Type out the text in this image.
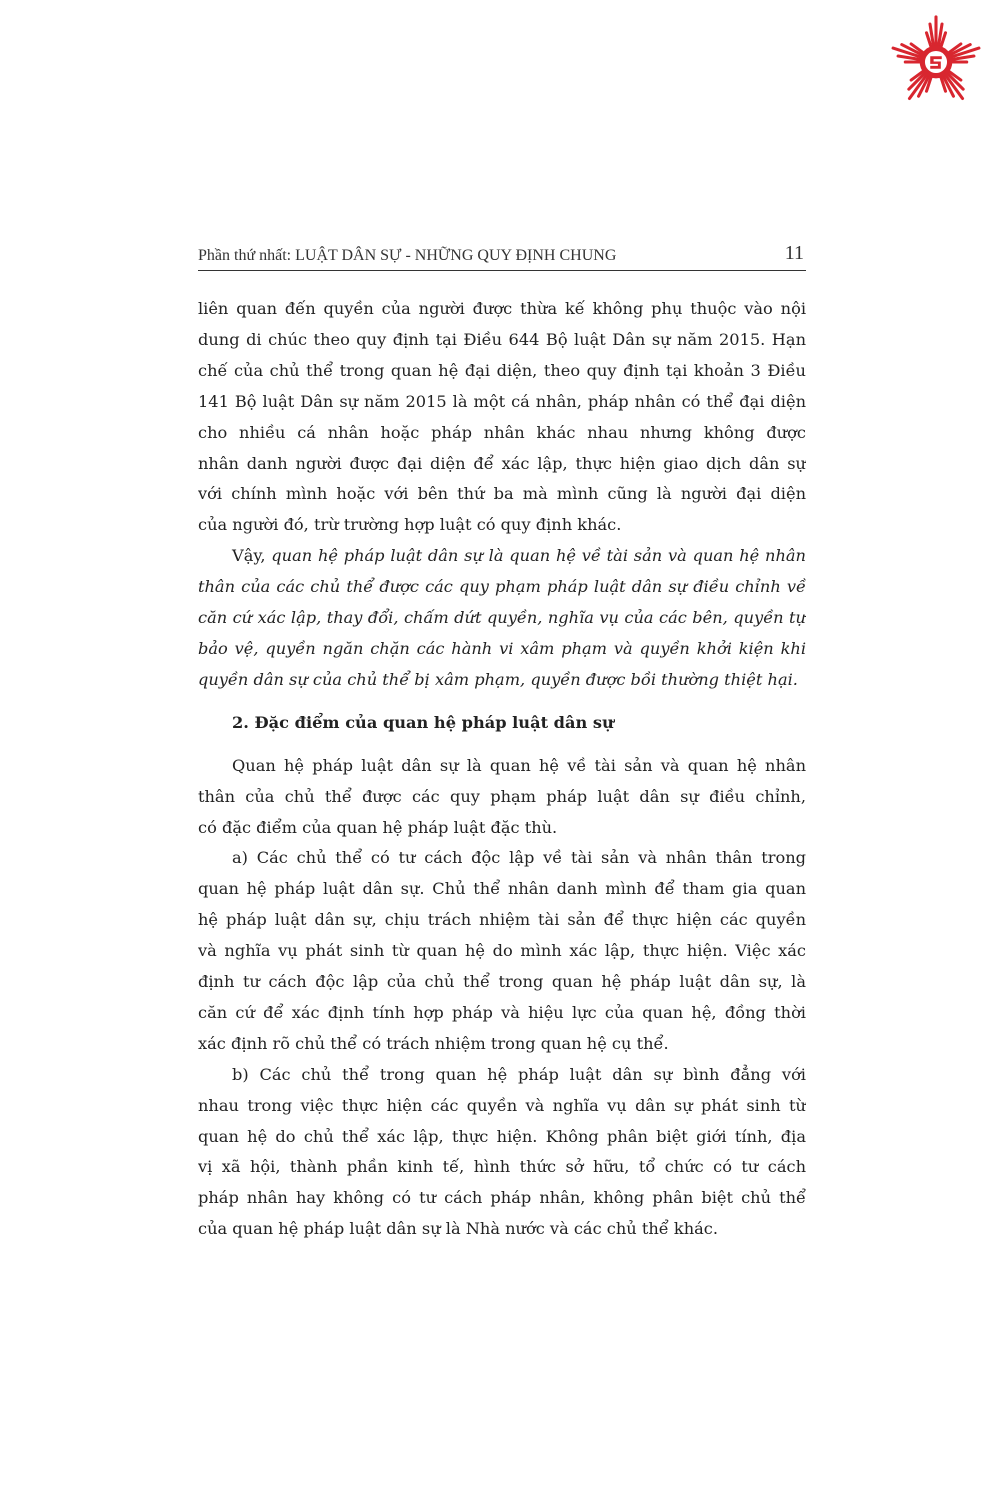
Phần thứ nhất: LUẬT DÂN SỰ - NHỮNG QUY ĐỊNH CHUNG	11
liên quan đến quyền của người được thừa kế không phụ thuộc vào nội
dung di chúc theo quy định tại Điều 644 Bộ luật Dân sự năm 2015. Hạn
chế của chủ thể trong quan hệ đại diện, theo quy định tại khoản 3 Điều
141 Bộ luật Dân sự năm 2015 là một cá nhân, pháp nhân có thể đại diện
cho nhiều cá nhân hoặc pháp nhân khác nhau nhưng không được
nhân danh người được đại diện để xác lập, thực hiện giao dịch dân sự
với chính mình hoặc với bên thứ ba mà mình cũng là người đại diện
của người đó, trừ trường hợp luật có quy định khác.
Vậy, quan hệ pháp luật dân sự là quan hệ về tài sản và quan hệ nhân
thân của các chủ thể được các quy phạm pháp luật dân sự điều chỉnh về
căn cứ xác lập, thay đổi, chấm dứt quyền, nghĩa vụ của các bên, quyền tự
bảo vệ, quyền ngăn chặn các hành vi xâm phạm và quyền khởi kiện khi
quyền dân sự của chủ thể bị xâm phạm, quyền được bồi thường thiệt hại.
2. Đặc điểm của quan hệ pháp luật dân sự
Quan hệ pháp luật dân sự là quan hệ về tài sản và quan hệ nhân
thân của chủ thể được các quy phạm pháp luật dân sự điều chỉnh,
có đặc điểm của quan hệ pháp luật đặc thù.
a) Các chủ thể có tư cách độc lập về tài sản và nhân thân trong
quan hệ pháp luật dân sự. Chủ thể nhân danh mình để tham gia quan
hệ pháp luật dân sự, chịu trách nhiệm tài sản để thực hiện các quyền
và nghĩa vụ phát sinh từ quan hệ do mình xác lập, thực hiện. Việc xác
định tư cách độc lập của chủ thể trong quan hệ pháp luật dân sự, là
căn cứ để xác định tính hợp pháp và hiệu lực của quan hệ, đồng thời
xác định rõ chủ thể có trách nhiệm trong quan hệ cụ thể.
b) Các chủ thể trong quan hệ pháp luật dân sự bình đẳng với
nhau trong việc thực hiện các quyền và nghĩa vụ dân sự phát sinh từ
quan hệ do chủ thể xác lập, thực hiện. Không phân biệt giới tính, địa
vị xã hội, thành phần kinh tế, hình thức sở hữu, tổ chức có tư cách
pháp nhân hay không có tư cách pháp nhân, không phân biệt chủ thể
của quan hệ pháp luật dân sự là Nhà nước và các chủ thể khác.
